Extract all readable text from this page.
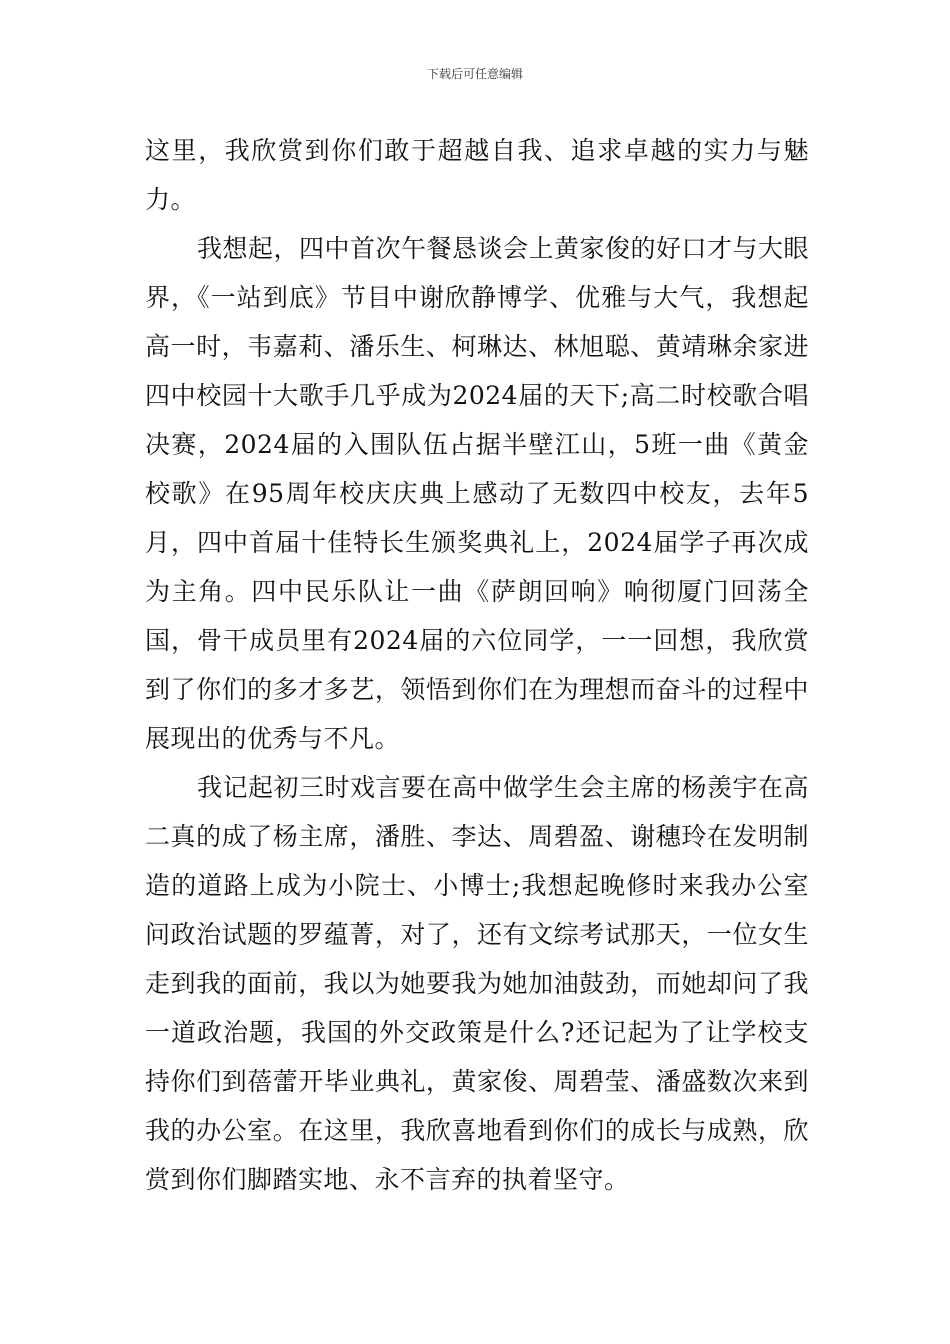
下载后可任意编辑

这里，我欣赏到你们敢于超越自我、追求卓越的实力与魅力。

我想起，四中首次午餐恳谈会上黄家俊的好口才与大眼界，《一站到底》节目中谢欣静博学、优雅与大气，我想起高一时，韦嘉莉、潘乐生、柯琳达、林旭聪、黄靖琳余家进四中校园十大歌手几乎成为2024届的天下;高二时校歌合唱决赛，2024届的入围队伍占据半壁江山，5班一曲《黄金校歌》在95周年校庆庆典上感动了无数四中校友，去年5月，四中首届十佳特长生颁奖典礼上，2024届学子再次成为主角。四中民乐队让一曲《萨朗回响》响彻厦门回荡全国，骨干成员里有2024届的六位同学，一一回想，我欣赏到了你们的多才多艺，领悟到你们在为理想而奋斗的过程中展现出的优秀与不凡。

我记起初三时戏言要在高中做学生会主席的杨羡宇在高二真的成了杨主席，潘胜、李达、周碧盈、谢穗玲在发明制造的道路上成为小院士、小博士;我想起晚修时来我办公室问政治试题的罗蕴菁，对了，还有文综考试那天，一位女生走到我的面前，我以为她要我为她加油鼓劲，而她却问了我一道政治题，我国的外交政策是什么?还记起为了让学校支持你们到蓓蕾开毕业典礼，黄家俊、周碧莹、潘盛数次来到我的办公室。在这里，我欣喜地看到你们的成长与成熟，欣赏到你们脚踏实地、永不言弃的执着坚守。
